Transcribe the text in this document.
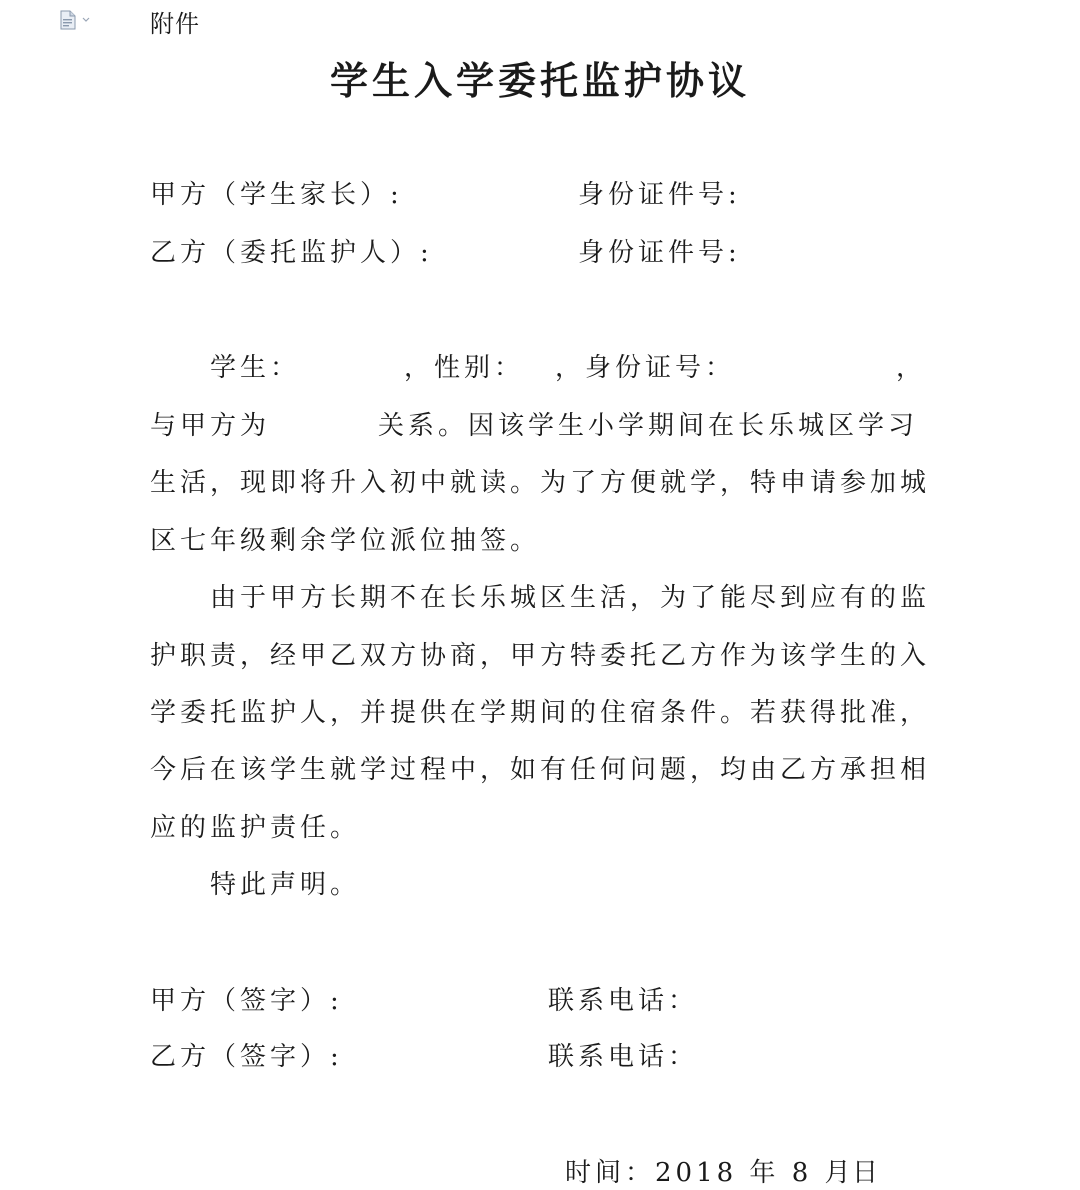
附件
学生入学委托监护协议
甲方（学生家长）:	身份证件号:
乙方（委托监护人）:	身份证件号:
学生：	，性别： ，身份证号：	，
与甲方为	关系。因该学生小学期间在长乐城区学习
生活，现即将升入初中就读。为了方便就学，特申请参加城
区七年级剩余学位派位抽签。
由于甲方长期不在长乐城区生活，为了能尽到应有的监
护职责，经甲乙双方协商，甲方特委托乙方作为该学生的入
学委托监护人，并提供在学期间的住宿条件。若获得批准，
今后在该学生就学过程中，如有任何问题，均由乙方承担相
应的监护责任。
特此声明。
甲方（签字）:	联系电话：
乙方（签字）:	联系电话：
时间：2018 年 8 月
日
